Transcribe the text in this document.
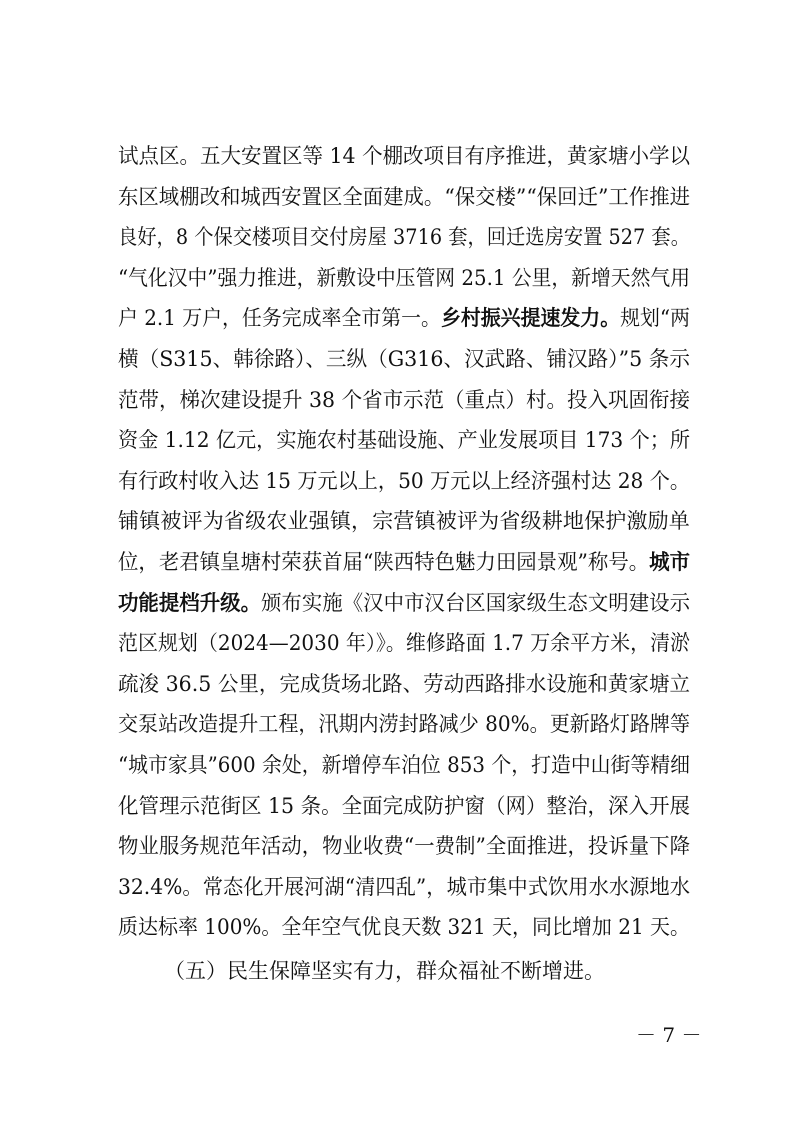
试点区。五大安置区等 14 个棚改项目有序推进，黄家塘小学以
东区域棚改和城西安置区全面建成。“保交楼”“保回迁”工作推进
良好，8 个保交楼项目交付房屋 3716 套，回迁选房安置 527 套。
“气化汉中”强力推进，新敷设中压管网 25.1 公里，新增天然气用
户 2.1 万户，任务完成率全市第一。乡村振兴提速发力。规划“两
横（S315、韩徐路）、三纵（G316、汉武路、铺汉路）”5 条示
范带，梯次建设提升 38 个省市示范（重点）村。投入巩固衔接
资金 1.12 亿元，实施农村基础设施、产业发展项目 173 个；所
有行政村收入达 15 万元以上，50 万元以上经济强村达 28 个。
铺镇被评为省级农业强镇，宗营镇被评为省级耕地保护激励单
位，老君镇皇塘村荣获首届“陕西特色魅力田园景观”称号。城市
功能提档升级。颁布实施《汉中市汉台区国家级生态文明建设示
范区规划（2024—2030 年）》。维修路面 1.7 万余平方米，清淤
疏浚 36.5 公里，完成货场北路、劳动西路排水设施和黄家塘立
交泵站改造提升工程，汛期内涝封路减少 80%。更新路灯路牌等
“城市家具”600 余处，新增停车泊位 853 个，打造中山街等精细
化管理示范街区 15 条。全面完成防护窗（网）整治，深入开展
物业服务规范年活动，物业收费“一费制”全面推进，投诉量下降
32.4%。常态化开展河湖“清四乱”，城市集中式饮用水水源地水
质达标率 100%。全年空气优良天数 321 天，同比增加 21 天。
（五）民生保障坚实有力，群众福祉不断增进。
－ 7 －
